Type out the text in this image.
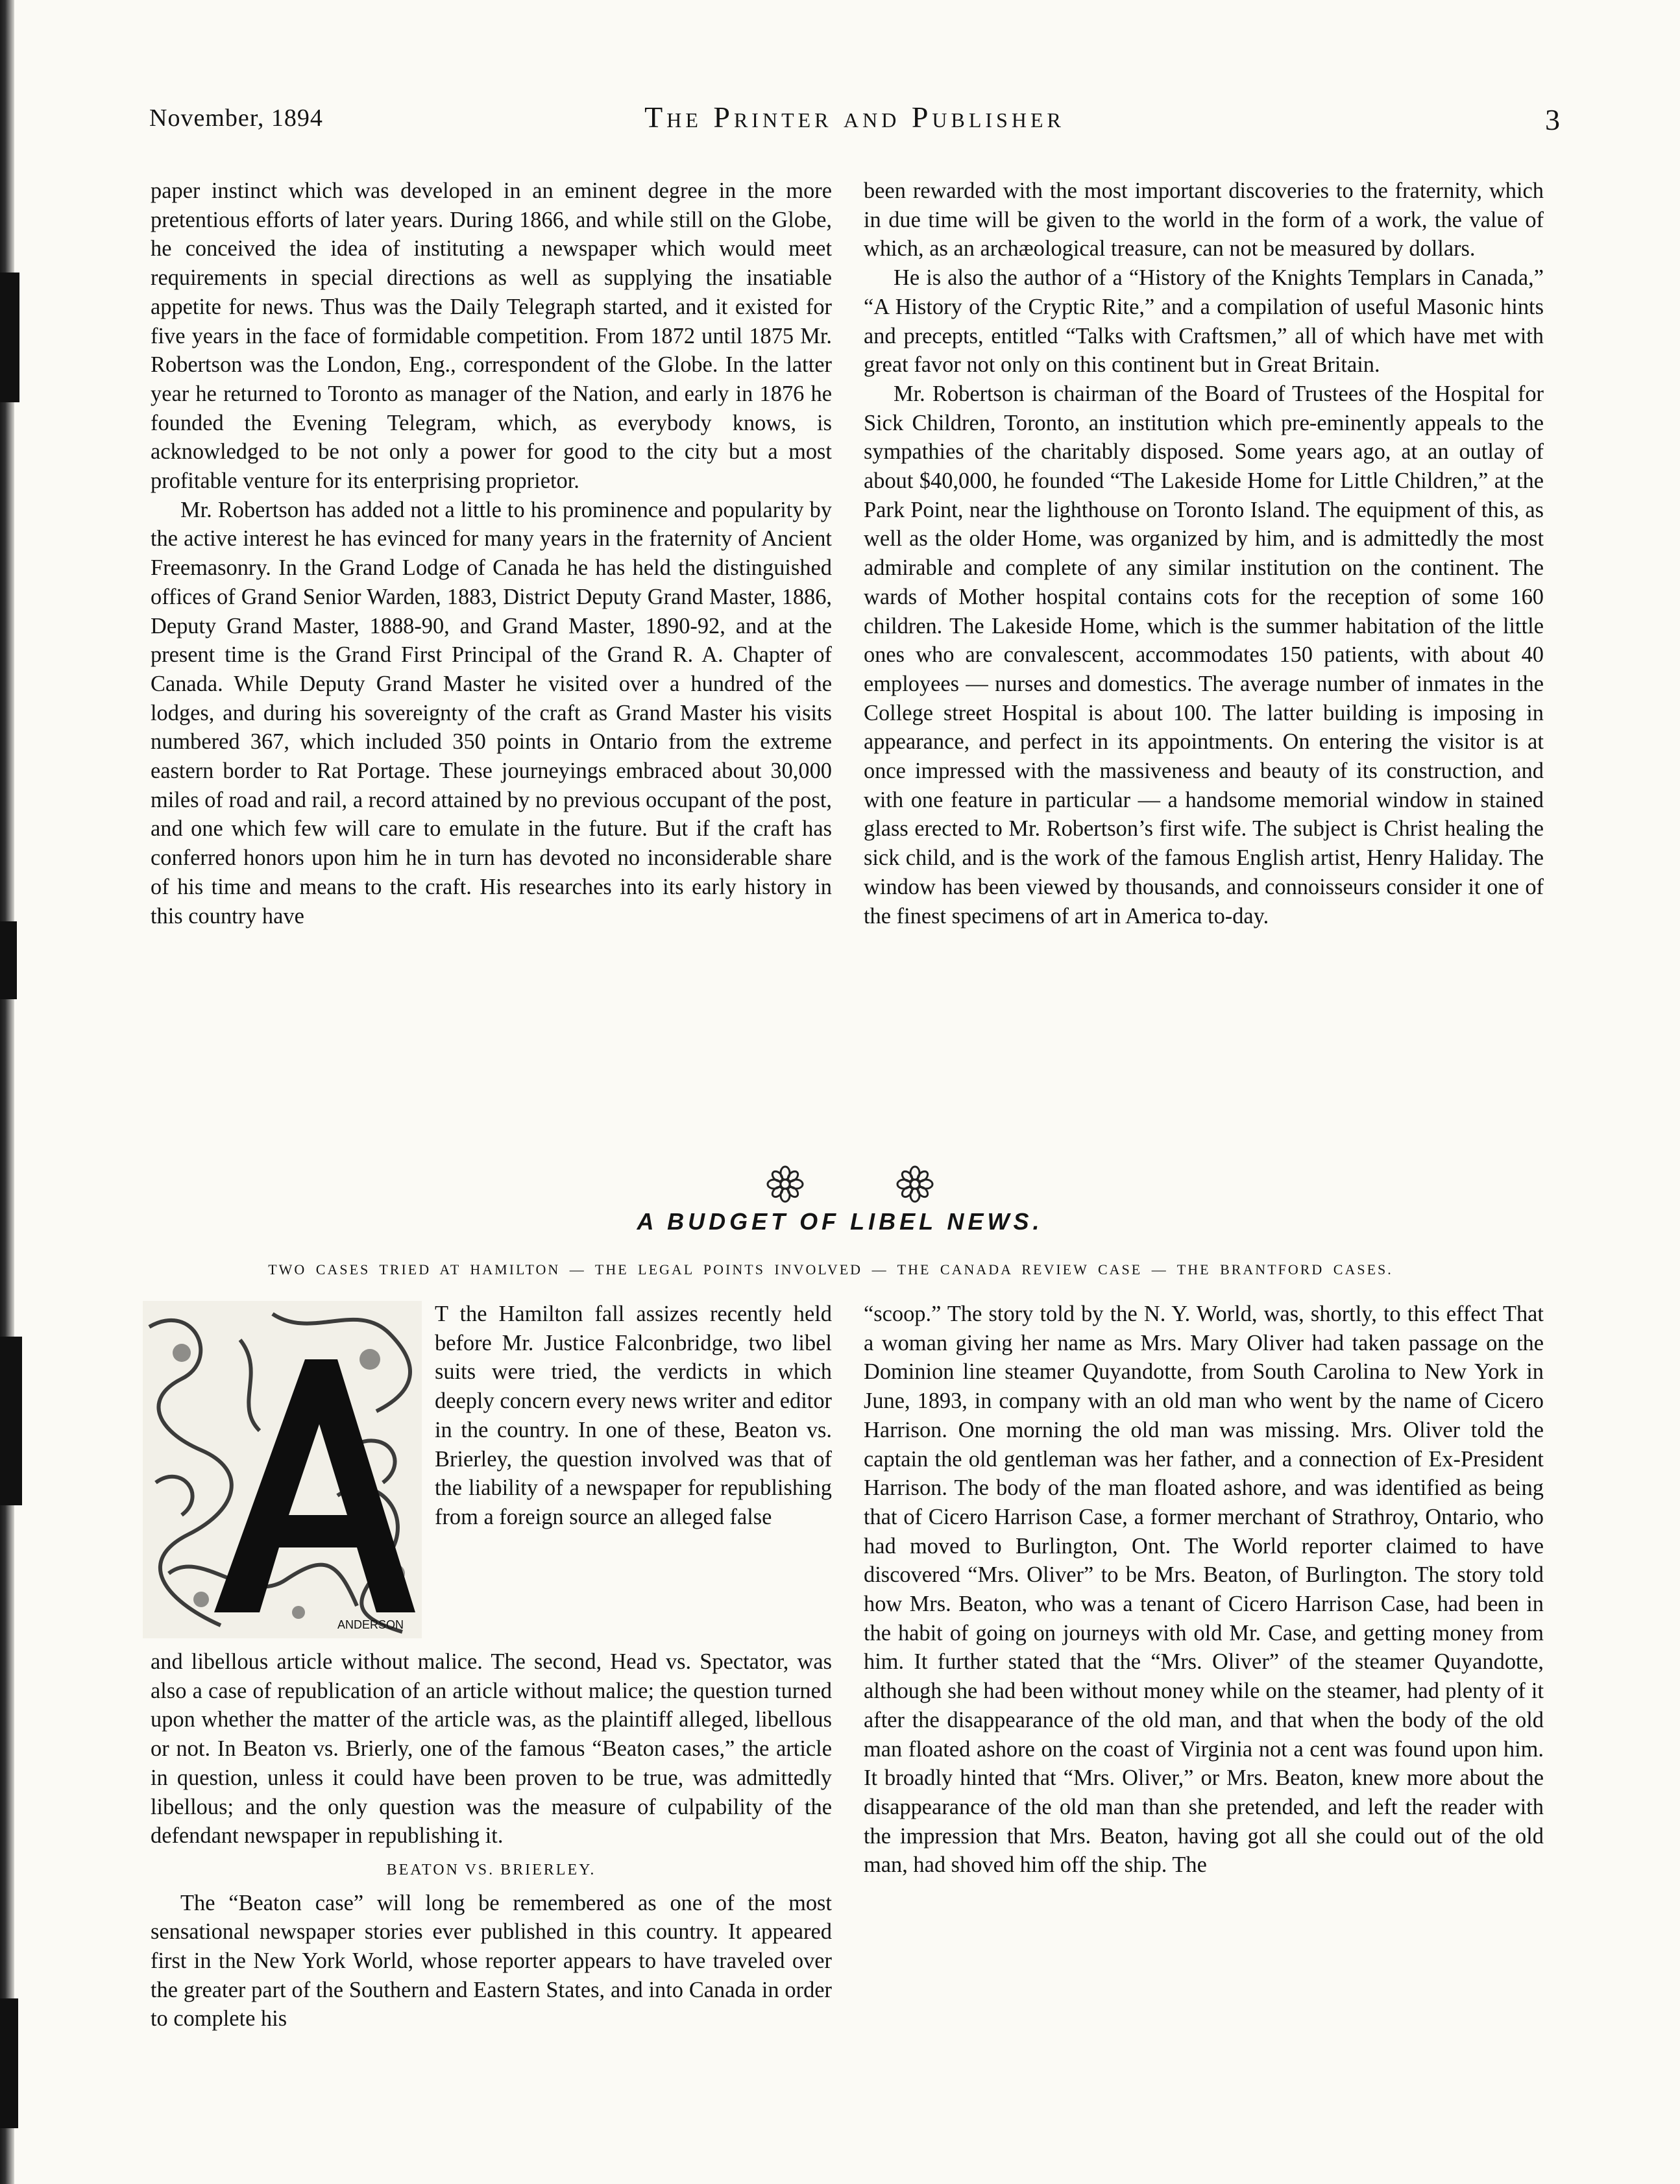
November, 1894	The Printer and Publisher	3

paper instinct which was developed in an eminent degree in the more pretentious efforts of later years. During 1866, and while still on the Globe, he conceived the idea of instituting a newspaper which would meet requirements in special directions as well as supplying the insatiable appetite for news. Thus was the Daily Telegraph started, and it existed for five years in the face of formidable competition. From 1872 until 1875 Mr. Robertson was the London, Eng., correspondent of the Globe. In the latter year he returned to Toronto as manager of the Nation, and early in 1876 he founded the Evening Telegram, which, as everybody knows, is acknowledged to be not only a power for good to the city but a most profitable venture for its enterprising proprietor.

Mr. Robertson has added not a little to his prominence and popularity by the active interest he has evinced for many years in the fraternity of Ancient Freemasonry. In the Grand Lodge of Canada he has held the distinguished offices of Grand Senior Warden, 1883, District Deputy Grand Master, 1886, Deputy Grand Master, 1888-90, and Grand Master, 1890-92, and at the present time is the Grand First Principal of the Grand R. A. Chapter of Canada. While Deputy Grand Master he visited over a hundred of the lodges, and during his sovereignty of the craft as Grand Master his visits numbered 367, which included 350 points in Ontario from the extreme eastern border to Rat Portage. These journeyings embraced about 30,000 miles of road and rail, a record attained by no previous occupant of the post, and one which few will care to emulate in the future. But if the craft has conferred honors upon him he in turn has devoted no inconsiderable share of his time and means to the craft. His researches into its early history in this country have

been rewarded with the most important discoveries to the fraternity, which in due time will be given to the world in the form of a work, the value of which, as an archæological treasure, can not be measured by dollars.

He is also the author of a “History of the Knights Templars in Canada,” “A History of the Cryptic Rite,” and a compilation of useful Masonic hints and precepts, entitled “Talks with Craftsmen,” all of which have met with great favor not only on this continent but in Great Britain.

Mr. Robertson is chairman of the Board of Trustees of the Hospital for Sick Children, Toronto, an institution which pre-eminently appeals to the sympathies of the charitably disposed. Some years ago, at an outlay of about $40,000, he founded “The Lakeside Home for Little Children,” at the Park Point, near the lighthouse on Toronto Island. The equipment of this, as well as the older Home, was organized by him, and is admittedly the most admirable and complete of any similar institution on the continent. The wards of Mother hospital contains cots for the reception of some 160 children. The Lakeside Home, which is the summer habitation of the little ones who are convalescent, accommodates 150 patients, with about 40 employees — nurses and domestics. The average number of inmates in the College street Hospital is about 100. The latter building is imposing in appearance, and perfect in its appointments. On entering the visitor is at once impressed with the massiveness and beauty of its construction, and with one feature in particular — a handsome memorial window in stained glass erected to Mr. Robertson’s first wife. The subject is Christ healing the sick child, and is the work of the famous English artist, Henry Haliday. The window has been viewed by thousands, and connoisseurs consider it one of the finest specimens of art in America to-day.

A BUDGET OF LIBEL NEWS.
TWO CASES TRIED AT HAMILTON — THE LEGAL POINTS INVOLVED — THE CANADA REVIEW CASE — THE BRANTFORD CASES.
ANDERSON

T the Hamilton fall assizes recently held before Mr. Justice Falconbridge, two libel suits were tried, the verdicts in which deeply concern every news writer and editor in the country. In one of these, Beaton vs. Brierley, the question involved was that of the liability of a newspaper for republishing from a foreign source an alleged false

and libellous article without malice. The second, Head vs. Spectator, was also a case of republication of an article without malice; the question turned upon whether the matter of the article was, as the plaintiff alleged, libellous or not. In Beaton vs. Brierly, one of the famous “Beaton cases,” the article in question, unless it could have been proven to be true, was admittedly libellous; and the only question was the measure of culpability of the defendant newspaper in republishing it.

BEATON VS. BRIERLEY.

The “Beaton case” will long be remembered as one of the most sensational newspaper stories ever published in this country. It appeared first in the New York World, whose reporter appears to have traveled over the greater part of the Southern and Eastern States, and into Canada in order to complete his

“scoop.” The story told by the N. Y. World, was, shortly, to this effect That a woman giving her name as Mrs. Mary Oliver had taken passage on the Dominion line steamer Quyandotte, from South Carolina to New York in June, 1893, in company with an old man who went by the name of Cicero Harrison. One morning the old man was missing. Mrs. Oliver told the captain the old gentleman was her father, and a connection of Ex-President Harrison. The body of the man floated ashore, and was identified as being that of Cicero Harrison Case, a former merchant of Strathroy, Ontario, who had moved to Burlington, Ont. The World reporter claimed to have discovered “Mrs. Oliver” to be Mrs. Beaton, of Burlington. The story told how Mrs. Beaton, who was a tenant of Cicero Harrison Case, had been in the habit of going on journeys with old Mr. Case, and getting money from him. It further stated that the “Mrs. Oliver” of the steamer Quyandotte, although she had been without money while on the steamer, had plenty of it after the disappearance of the old man, and that when the body of the old man floated ashore on the coast of Virginia not a cent was found upon him. It broadly hinted that “Mrs. Oliver,” or Mrs. Beaton, knew more about the disappearance of the old man than she pretended, and left the reader with the impression that Mrs. Beaton, having got all she could out of the old man, had shoved him off the ship. The
